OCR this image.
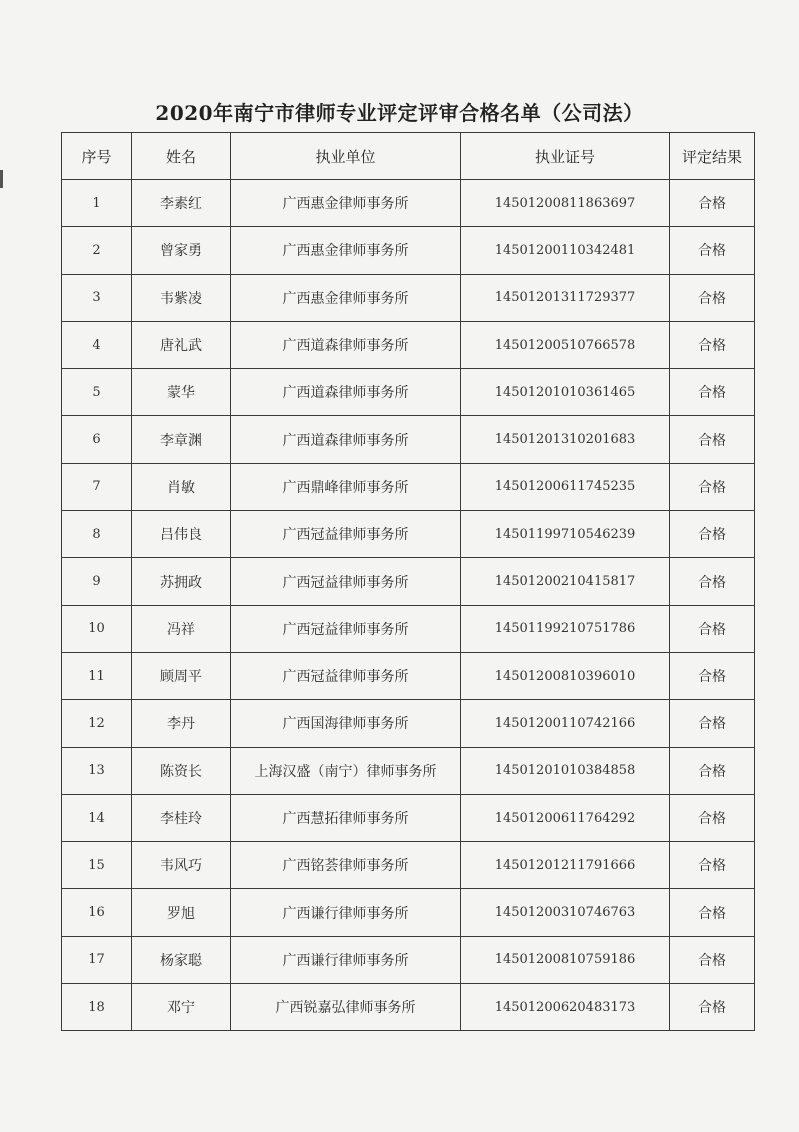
2020年南宁市律师专业评定评审合格名单（公司法）
序号	姓名	执业单位	执业证号	评定结果
1	李素红	广西惠金律师事务所	14501200811863697	合格
2	曾家勇	广西惠金律师事务所	14501200110342481	合格
3	韦紫凌	广西惠金律师事务所	14501201311729377	合格
4	唐礼武	广西道森律师事务所	14501200510766578	合格
5	蒙华	广西道森律师事务所	14501201010361465	合格
6	李章渊	广西道森律师事务所	14501201310201683	合格
7	肖敏	广西鼎峰律师事务所	14501200611745235	合格
8	吕伟良	广西冠益律师事务所	14501199710546239	合格
9	苏拥政	广西冠益律师事务所	14501200210415817	合格
10	冯祥	广西冠益律师事务所	14501199210751786	合格
11	顾周平	广西冠益律师事务所	14501200810396010	合格
12	李丹	广西国海律师事务所	14501200110742166	合格
13	陈资长	上海汉盛（南宁）律师事务所	14501201010384858	合格
14	李桂玲	广西慧拓律师事务所	14501200611764292	合格
15	韦风巧	广西铭荟律师事务所	14501201211791666	合格
16	罗旭	广西谦行律师事务所	14501200310746763	合格
17	杨家聪	广西谦行律师事务所	14501200810759186	合格
18	邓宁	广西锐嘉弘律师事务所	14501200620483173	合格
